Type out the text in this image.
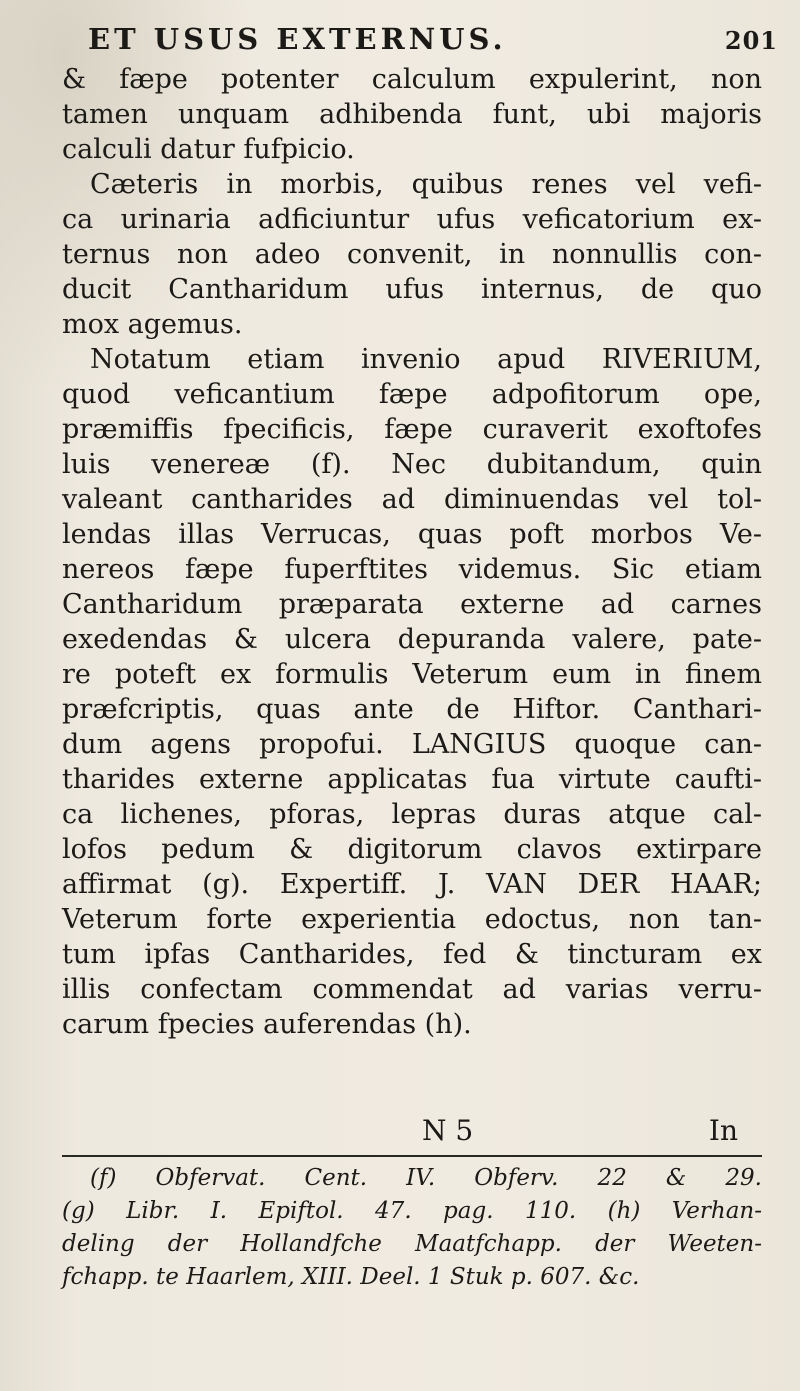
ET USUS EXTERNUS.	201
& fæpe potenter calculum expulerint, non
tamen unquam adhibenda funt, ubi majoris
calculi datur fufpicio.
Cæteris in morbis, quibus renes vel vefi-
ca urinaria adficiuntur ufus veficatorium ex-
ternus non adeo convenit, in nonnullis con-
ducit Cantharidum ufus internus, de quo
mox agemus.
Notatum etiam invenio apud RIVERIUM,
quod veficantium fæpe adpofitorum ope,
præmiffis fpecificis, fæpe curaverit exoftofes
luis venereæ (f). Nec dubitandum, quin
valeant cantharides ad diminuendas vel tol-
lendas illas Verrucas, quas poft morbos Ve-
nereos fæpe fuperftites videmus. Sic etiam
Cantharidum præparata externe ad carnes
exedendas & ulcera depuranda valere, pate-
re poteft ex formulis Veterum eum in finem
præfcriptis, quas ante de Hiftor. Canthari-
dum agens propofui. LANGIUS quoque can-
tharides externe applicatas fua virtute caufti-
ca lichenes, pforas, lepras duras atque cal-
lofos pedum & digitorum clavos extirpare
affirmat (g). Expertiff. J. VAN DER HAAR;
Veterum forte experientia edoctus, non tan-
tum ipfas Cantharides, fed & tincturam ex
illis confectam commendat ad varias verru-
carum fpecies auferendas (h).
N 5	In
(f) Obfervat. Cent. IV. Obferv. 22 & 29.
(g) Libr. I. Epiftol. 47. pag. 110. (h) Verhan-
deling der Hollandfche Maatfchapp. der Weeten-
fchapp. te Haarlem, XIII. Deel. 1 Stuk p. 607. &c.
